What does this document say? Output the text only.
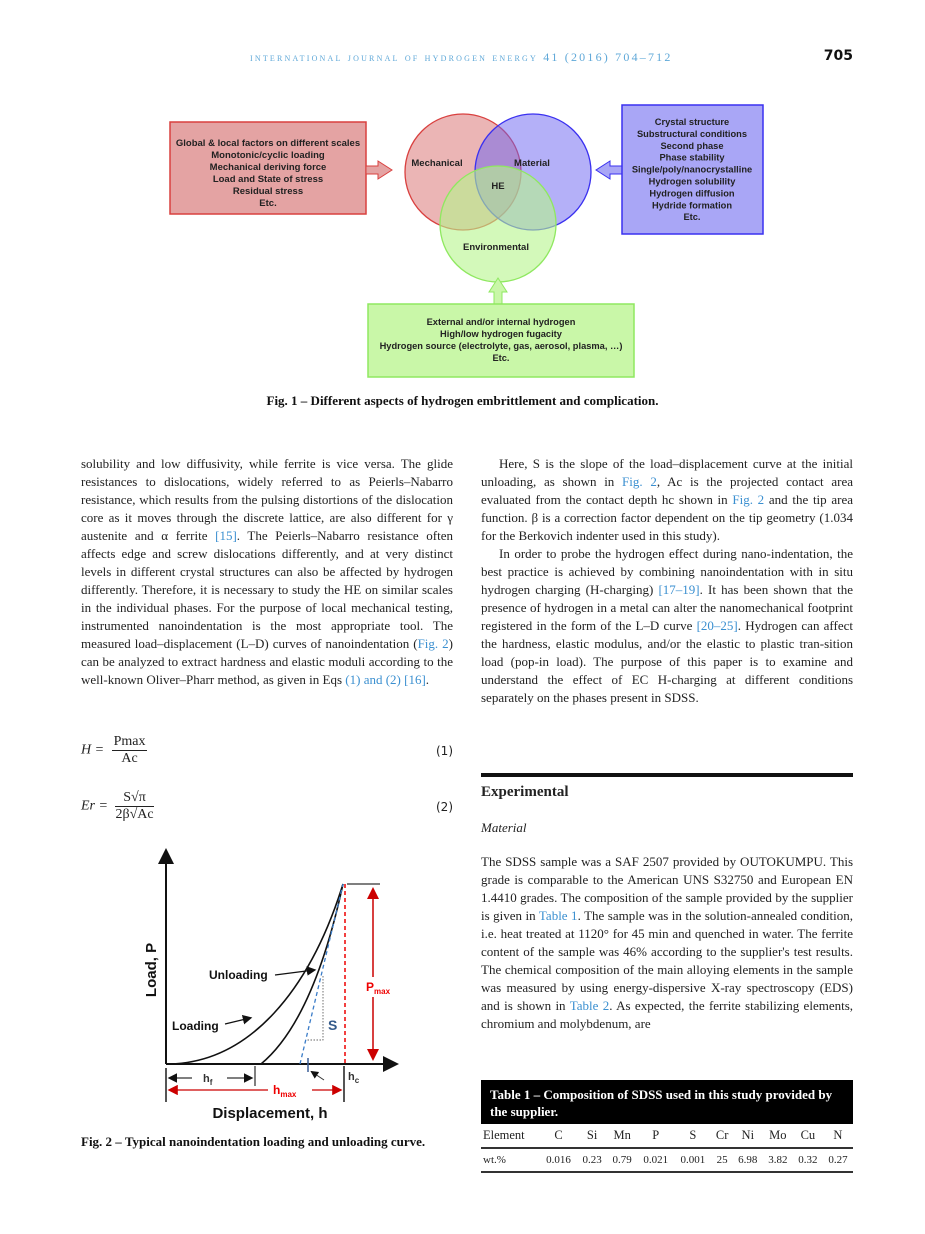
international journal of hydrogen energy 41 (2016) 704–712	705
Global & local factors on different scales Monotonic/cyclic loading Mechanical deriving force Load and State of stress Residual stress Etc.
Mechanical	Material
HE
Environmental
Crystal structure Substructural conditions Second phase Phase stability Single/poly/nanocrystalline Hydrogen solubility Hydrogen diffusion Hydride formation Etc.
External and/or internal hydrogen High/low hydrogen fugacity Hydrogen source (electrolyte, gas, aerosol, plasma, …) Etc.
Fig. 1 – Different aspects of hydrogen embrittlement and complication.

solubility and low diffusivity, while ferrite is vice versa. The glide resistances to dislocations, widely referred to as Peierls–Nabarro resistance, which results from the pulsing distortions of the dislocation core as it moves through the discrete lattice, are also different for γ austenite and α ferrite [15]. The Peierls–Nabarro resistance often affects edge and screw dislocations differently, and at very distinct levels in different crystal structures can also be affected by hydrogen differently. Therefore, it is necessary to study the HE on similar scales in the individual phases. For the purpose of local mechanical testing, instrumented nanoindentation is the most appropriate tool. The measured load–displacement (L–D) curves of nanoindentation (Fig. 2) can be analyzed to extract hardness and elastic moduli according to the well-known Oliver–Pharr method, as given in Eqs (1) and (2) [16].

$H = \frac{Pmax}{Ac}$	(1)
$Er = \frac{S√\pi}{2\beta√Ac}$	(2)
$P_{max}$
Load, P
Displacement, h
Unloading
Loading	S
$h_f$
$h_{max}$
$h_c$
Fig. 2 – Typical nanoindentation loading and unloading curve.

Here, S is the slope of the load–displacement curve at the initial unloading, as shown in Fig. 2, Ac is the projected contact area evaluated from the contact depth hc shown in Fig. 2 and the tip area function. β is a correction factor dependent on the tip geometry (1.034 for the Berkovich indenter used in this study).

In order to probe the hydrogen effect during nano-indentation, the best practice is achieved by combining nanoindentation with in situ hydrogen charging (H-charging) [17–19]. It has been shown that the presence of hydrogen in a metal can alter the nanomechanical footprint registered in the form of the L–D curve [20–25]. Hydrogen can affect the hardness, elastic modulus, and/or the elastic to plastic tran-sition load (pop-in load). The purpose of this paper is to examine and understand the effect of EC H-charging at different conditions separately on the phases present in SDSS.

Experimental
Material

The SDSS sample was a SAF 2507 provided by OUTOKUMPU. This grade is comparable to the American UNS S32750 and European EN 1.4410 grades. The composition of the sample provided by the supplier is given in Table 1. The sample was in the solution-annealed condition, i.e. heat treated at 1120° for 45 min and quenched in water. The ferrite content of the sample was 46% according to the supplier's test results. The chemical composition of the main alloying elements in the sample was measured by using energy-dispersive X-ray spectroscopy (EDS) and is shown in Table 2. As expected, the ferrite stabilizing elements, chromium and molybdenum, are

Table 1 – Composition of SDSS used in this study provided by the supplier.
Element	C	Si	Mn	P	S	Cr	Ni	Mo	Cu	N
wt.%	0.016	0.23	0.79	0.021	0.001	25	6.98	3.82	0.32	0.27
